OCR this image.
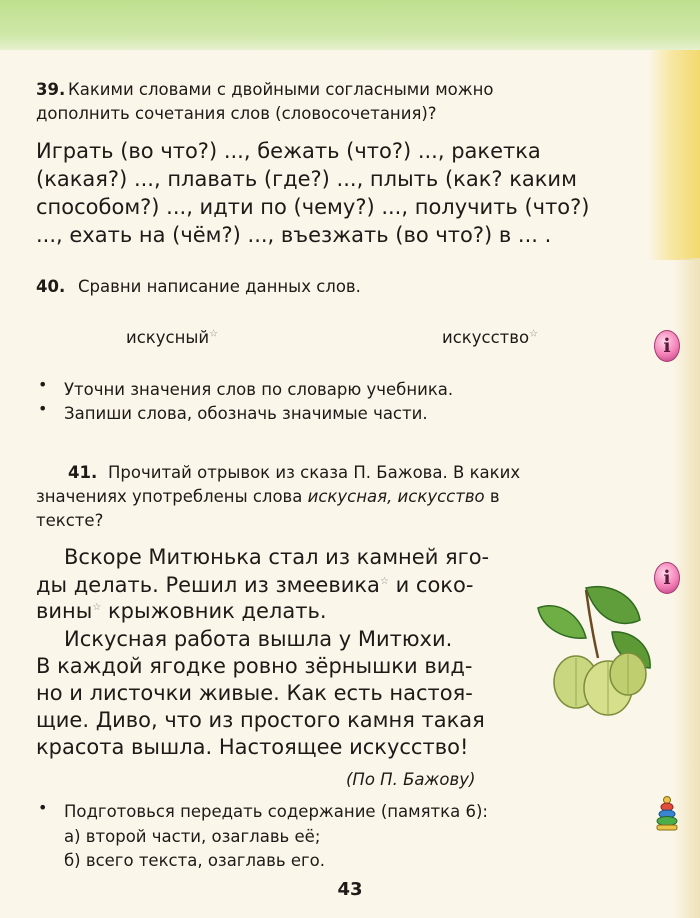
39. Какими словами с двойными согласными можно
дополнить сочетания слов (словосочетания)?
Играть (во что?) ..., бежать (что?) ..., ракетка
(какая?) ..., плавать (где?) ..., плыть (как? каким
способом?) ..., идти по (чему?) ..., получить (что?)
..., ехать на (чём?) ..., въезжать (во что?) в ... .
40. Сравни написание данных слов.
искусный☆	искусство☆
i
• Уточни значения слов по словарю учебника.
• Запиши слова, обозначь значимые части.
41. Прочитай отрывок из сказа П. Бажова. В каких
значениях употреблены слова искусная, искусство в
тексте?
Вскоре Митюнька стал из камней яго-
ды делать. Решил из змеевика☆ и соко-
вины☆ крыжовник делать.
i
Искусная работа вышла у Митюхи.
В каждой ягодке ровно зёрнышки вид-
но и листочки живые. Как есть настоя-
щие. Диво, что из простого камня такая
красота вышла. Настоящее искусство!
(По П. Бажову)
• Подготовься передать содержание (памятка 6):
а) второй части, озаглавь её;
б) всего текста, озаглавь его.
43
